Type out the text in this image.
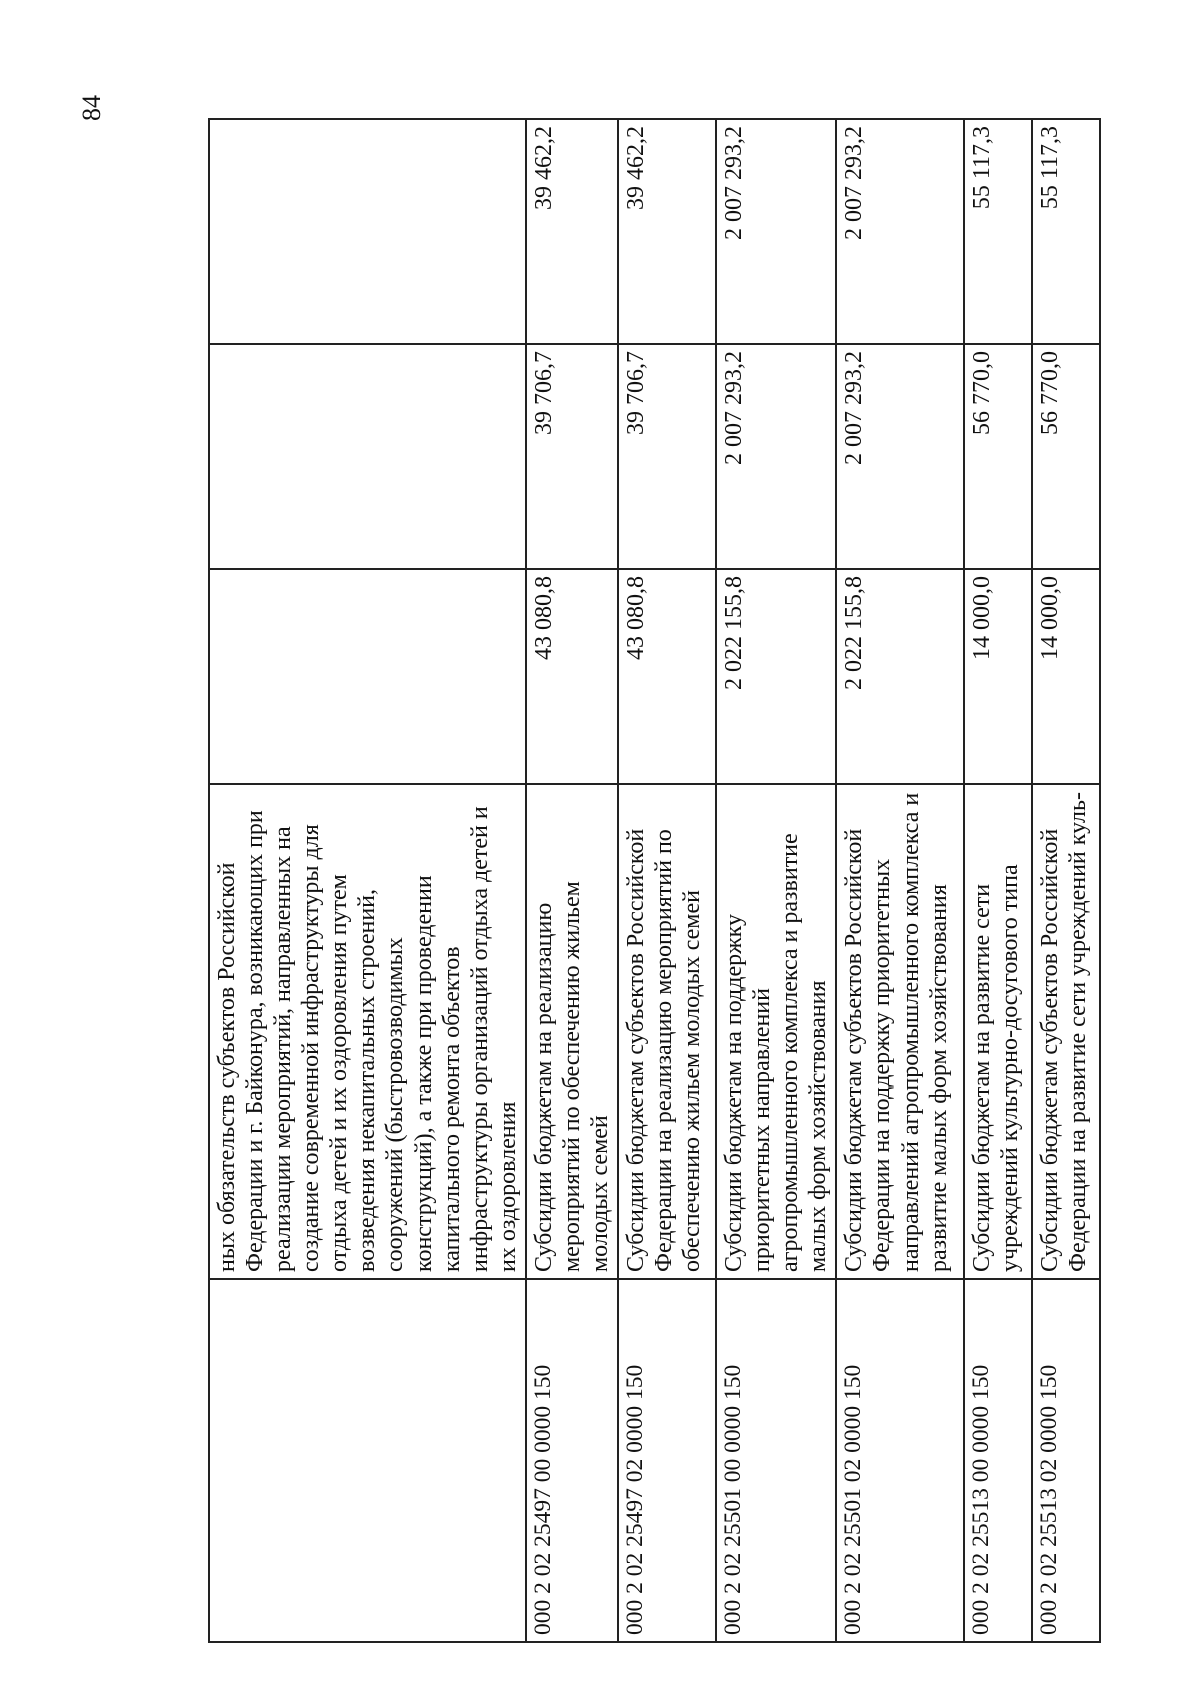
84
	ных обязательств субъектов Российской Федерации и г. Байконура, возникающих при реализации мероприятий, направленных на создание современной инфраструктуры для отдыха детей и их оздоровления путем возведения некапитальных строений, сооружений (быстровозводимых конструкций), а также при проведении капитального ремонта объектов инфраструктуры организаций отдыха детей и их оздоровления			
000 2 02 25497 00 0000 150	Субсидии бюджетам на реализацию мероприятий по обеспечению жильем молодых семей	43 080,8	39 706,7	39 462,2
000 2 02 25497 02 0000 150	Субсидии бюджетам субъектов Российской Федерации на реализацию мероприятий по обеспечению жильем молодых семей	43 080,8	39 706,7	39 462,2
000 2 02 25501 00 0000 150	Субсидии бюджетам на поддержку приоритетных направлений агропромышленного комплекса и развитие малых форм хозяйствования	2 022 155,8	2 007 293,2	2 007 293,2
000 2 02 25501 02 0000 150	Субсидии бюджетам субъектов Российской Федерации на поддержку приоритетных направлений агропромышленного комплекса и развитие малых форм хозяйствования	2 022 155,8	2 007 293,2	2 007 293,2
000 2 02 25513 00 0000 150	Субсидии бюджетам на развитие сети учреждений культурно-досугового типа	14 000,0	56 770,0	55 117,3
000 2 02 25513 02 0000 150	Субсидии бюджетам субъектов Российской Федерации на развитие сети учреждений куль-	14 000,0	56 770,0	55 117,3
